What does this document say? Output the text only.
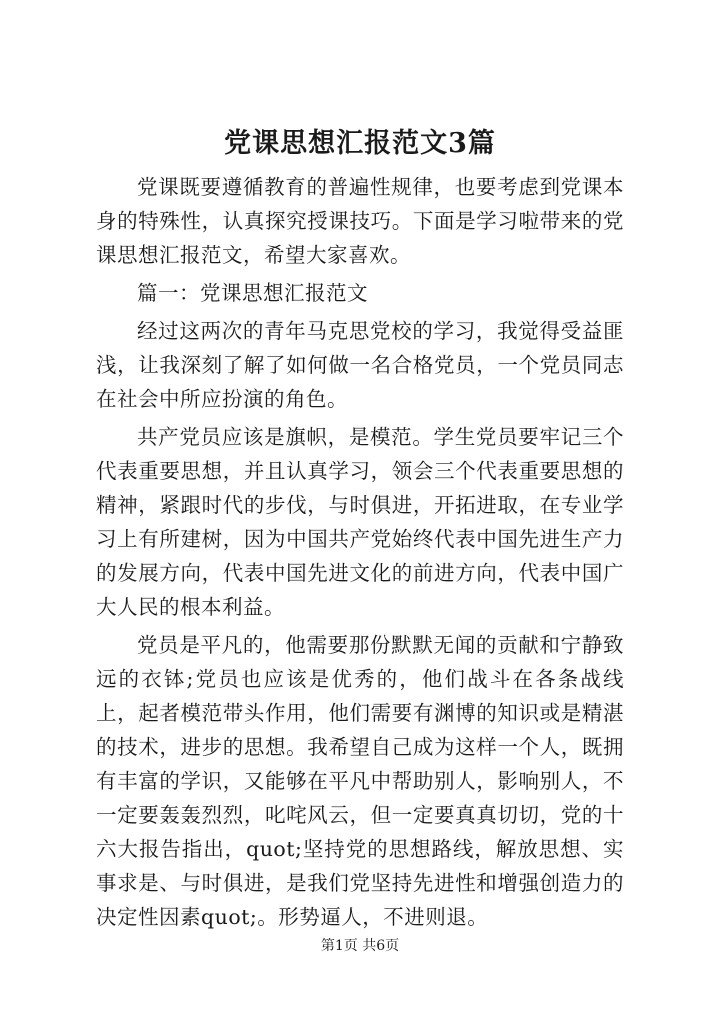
党课思想汇报范文3篇

党课既要遵循教育的普遍性规律，也要考虑到党课本身的特殊性，认真探究授课技巧。下面是学习啦带来的党课思想汇报范文，希望大家喜欢。

篇一：党课思想汇报范文

经过这两次的青年马克思党校的学习，我觉得受益匪浅，让我深刻了解了如何做一名合格党员，一个党员同志在社会中所应扮演的角色。

共产党员应该是旗帜，是模范。学生党员要牢记三个代表重要思想，并且认真学习，领会三个代表重要思想的精神，紧跟时代的步伐，与时俱进，开拓进取，在专业学习上有所建树，因为中国共产党始终代表中国先进生产力的发展方向，代表中国先进文化的前进方向，代表中国广大人民的根本利益。

党员是平凡的，他需要那份默默无闻的贡献和宁静致远的衣钵;党员也应该是优秀的，他们战斗在各条战线上，起者模范带头作用，他们需要有渊博的知识或是精湛的技术，进步的思想。我希望自己成为这样一个人，既拥有丰富的学识，又能够在平凡中帮助别人，影响别人，不一定要轰轰烈烈，叱咤风云，但一定要真真切切，党的十六大报告指出，quot;坚持党的思想路线，解放思想、实事求是、与时俱进，是我们党坚持先进性和增强创造力的决定性因素quot;。形势逼人，不进则退。

第1页 共6页
